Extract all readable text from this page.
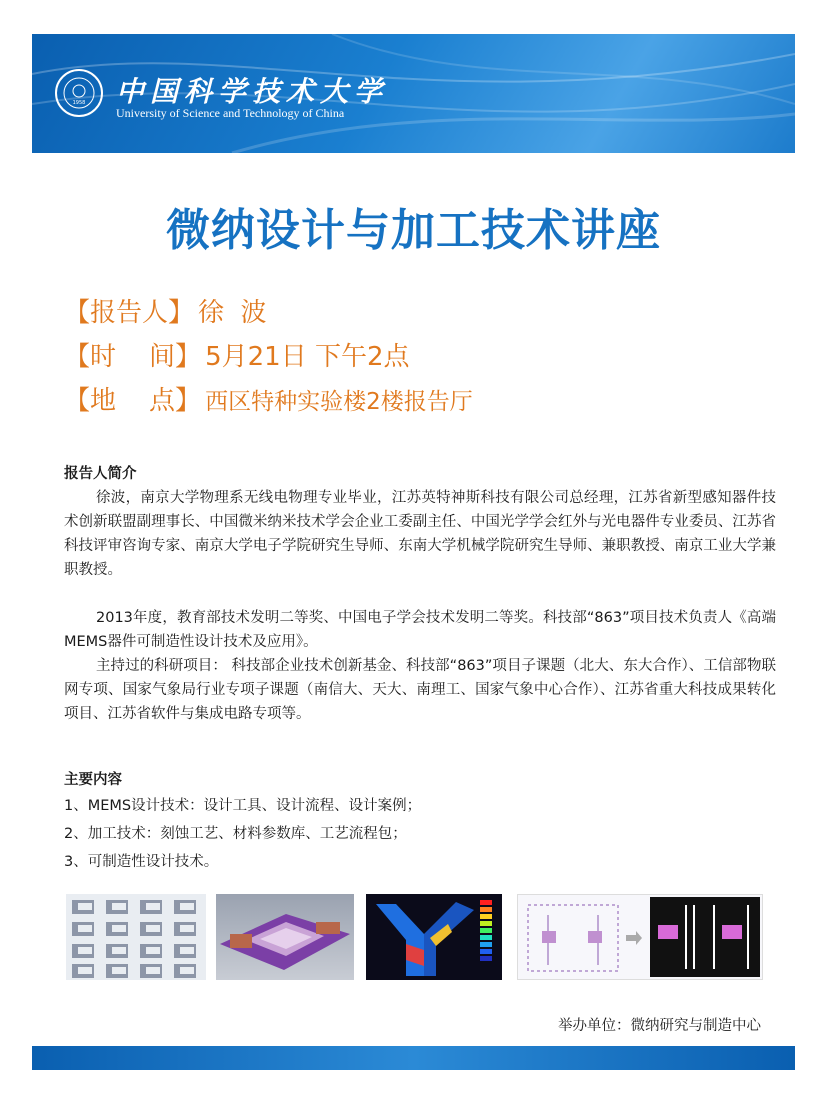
1958 中国科学技术大学
University of Science and Technology of China
微纳设计与加工技术讲座
【报告人】 徐  波
【时    间】 5月21日 下午2点
【地    点】 西区特种实验楼2楼报告厅
报告人简介
徐波，南京大学物理系无线电物理专业毕业，江苏英特神斯科技有限公司总经理，江苏省新型感知器件技术创新联盟副理事长、中国微米纳米技术学会企业工委副主任、中国光学学会红外与光电器件专业委员、江苏省科技评审咨询专家、南京大学电子学院研究生导师、东南大学机械学院研究生导师、兼职教授、南京工业大学兼职教授。
2013年度，教育部技术发明二等奖、中国电子学会技术发明二等奖。科技部“863”项目技术负责人《高端MEMS器件可制造性设计技术及应用》。
主持过的科研项目： 科技部企业技术创新基金、科技部“863”项目子课题（北大、东大合作）、工信部物联网专项、国家气象局行业专项子课题（南信大、天大、南理工、国家气象中心合作）、江苏省重大科技成果转化项目、江苏省软件与集成电路专项等。
主要内容
1、MEMS设计技术：设计工具、设计流程、设计案例；
2、加工技术：刻蚀工艺、材料参数库、工艺流程包；
3、可制造性设计技术。
举办单位：微纳研究与制造中心
